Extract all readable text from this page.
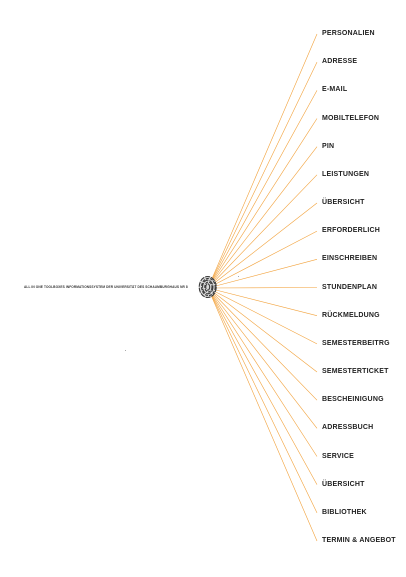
ALL IN ONE TOOLBOXES INFORMATIONSSYSTEM DER UNIVERSITÄT DES SCHAUMBURGHAUS NR 8
PERSONALIEN
ADRESSE
E-MAIL
MOBILTELEFON
PIN
LEISTUNGEN
ÜBERSICHT
ERFORDERLICH
EINSCHREIBEN
STUNDENPLAN
RÜCKMELDUNG
SEMESTERBEITRG
SEMESTERTICKET
BESCHEINIGUNG
ADRESSBUCH
SERVICE
ÜBERSICHT
BIBLIOTHEK
TERMIN & ANGEBOT
